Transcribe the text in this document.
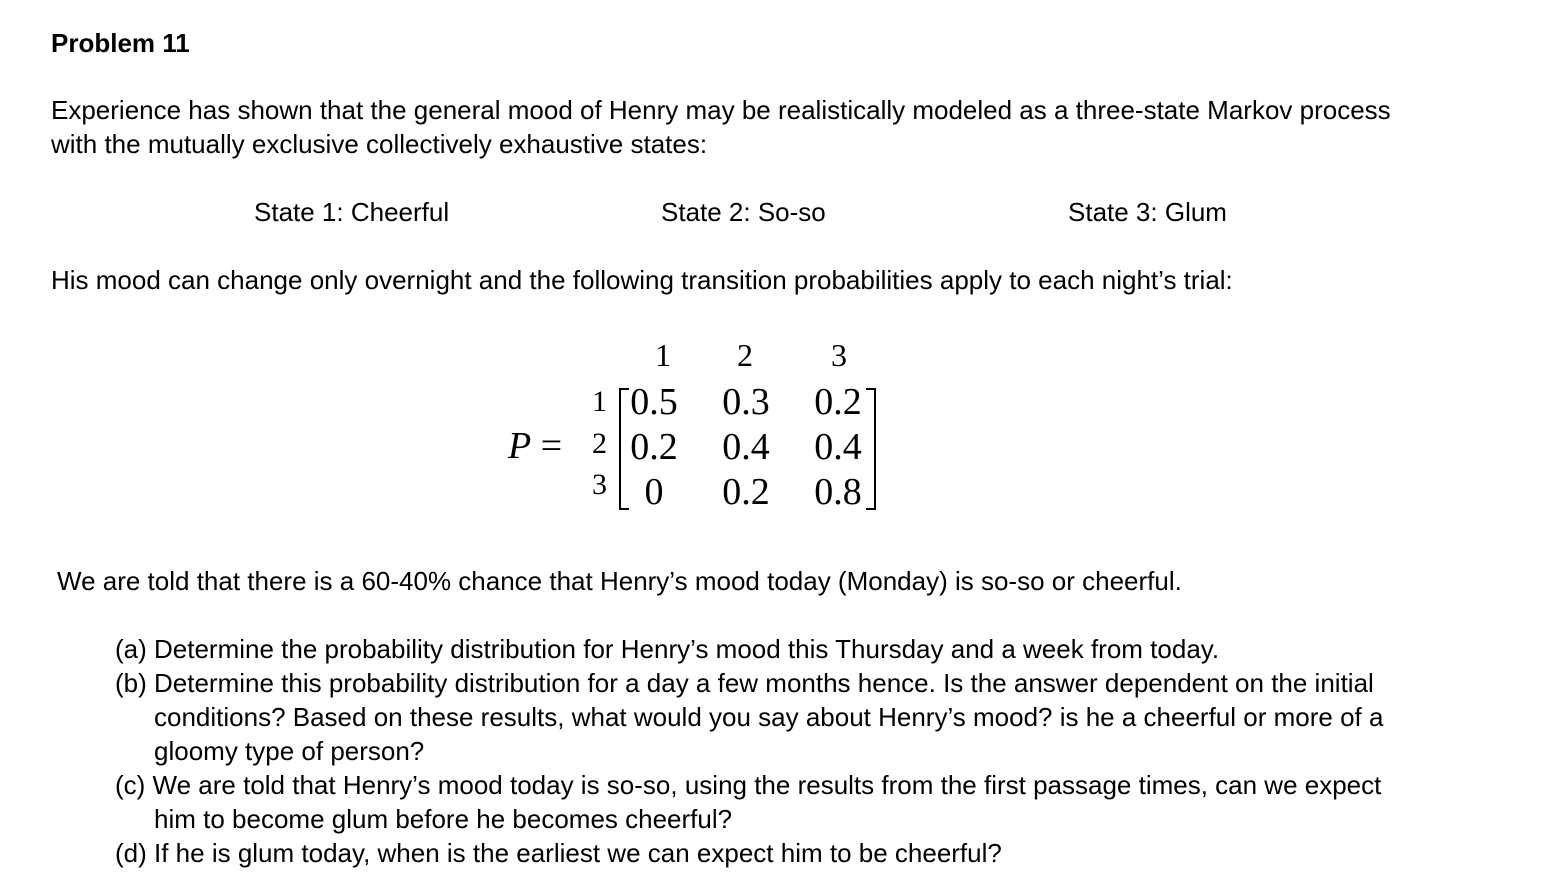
Problem 11
Experience has shown that the general mood of Henry may be realistically modeled as a three-state Markov process
with the mutually exclusive collectively exhaustive states:
State 1: Cheerful	State 2: So-so	State 3: Glum
His mood can change only overnight and the following transition probabilities apply to each night’s trial:
P =
1 2 3
1
2
3
0.5 0.3 0.2
0.2 0.4 0.4
0	0.2 0.8
We are told that there is a 60-40% chance that Henry’s mood today (Monday) is so-so or cheerful.
(a) Determine the probability distribution for Henry’s mood this Thursday and a week from today.
(b) Determine this probability distribution for a day a few months hence. Is the answer dependent on the initial
conditions? Based on these results, what would you say about Henry’s mood? is he a cheerful or more of a
gloomy type of person?
(c) We are told that Henry’s mood today is so-so, using the results from the first passage times, can we expect
him to become glum before he becomes cheerful?
(d) If he is glum today, when is the earliest we can expect him to be cheerful?
